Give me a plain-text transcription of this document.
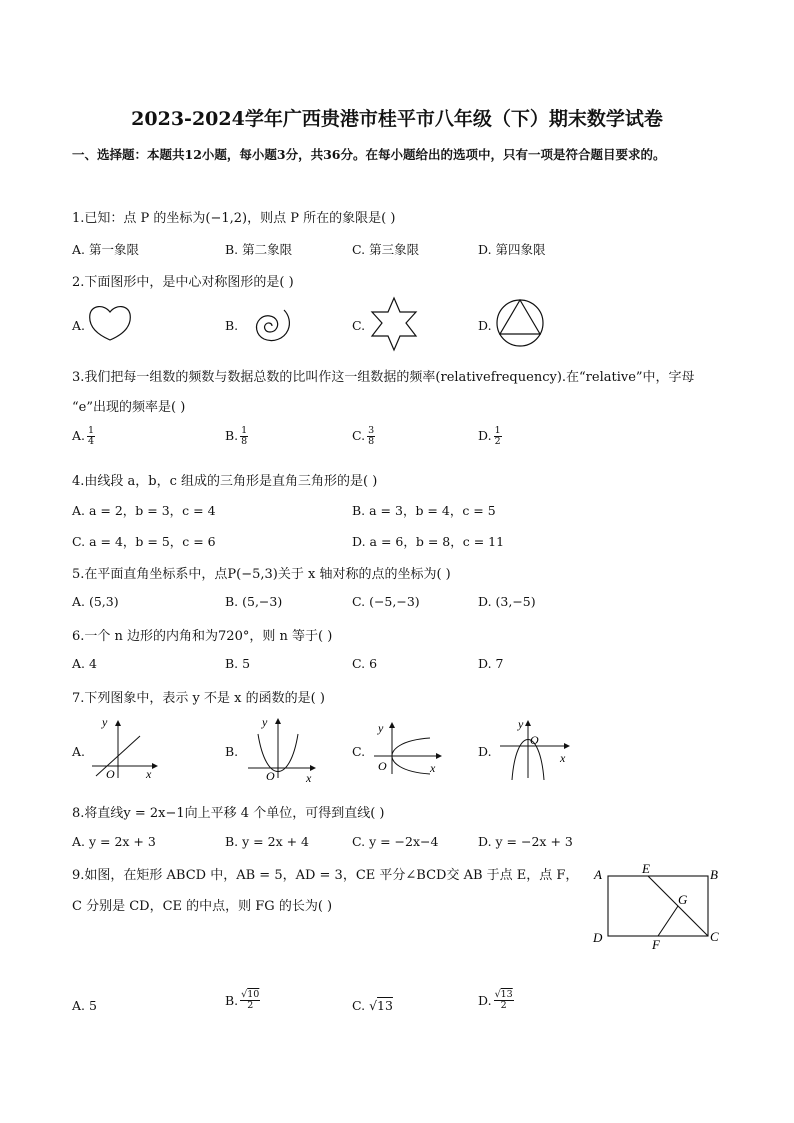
2023-2024学年广西贵港市桂平市八年级（下）期末数学试卷
一、选择题：本题共12小题，每小题3分，共36分。在每小题给出的选项中，只有一项是符合题目要求的。
1.已知：点 P 的坐标为(−1,2)，则点 P 所在的象限是( )
A. 第一象限	B. 第二象限	C. 第三象限	D. 第四象限
2.下面图形中，是中心对称图形的是( )
A.	B.	C.	D.
3.我们把每一组数的频数与数据总数的比叫作这一组数据的频率(relativefrequency).在“relative”中，字母
“e”出现的频率是( )
A. $\frac{1}{4}$	B. $\frac{1}{8}$	C. $\frac{3}{8}$	D. $\frac{1}{2}$
4.由线段 a，b，c 组成的三角形是直角三角形的是( )
A. a = 2，b = 3，c = 4	B. a = 3，b = 4，c = 5
C. a = 4，b = 5，c = 6	D. a = 6，b = 8，c = 11
5.在平面直角坐标系中，点P(−5,3)关于 x 轴对称的点的坐标为( )
A. (5,3)	B. (5,−3)	C. (−5,−3)	D. (3,−5)
6.一个 n 边形的内角和为720°，则 n 等于( )
A. 4	B. 5	C. 6	D. 7
7.下列图象中，表示 y 不是 x 的函数的是( )
A.	B.	C.	D.
y
O	x
y
O	x
y
O	x
y
O
x
8.将直线y = 2x−1向上平移 4 个单位，可得到直线( )
A. y = 2x + 3	B. y = 2x + 4	C. y = −2x−4	D. y = −2x + 3
9.如图，在矩形 ABCD 中，AB = 5，AD = 3，CE 平分∠BCD交 AB 于点 E，点 F，
C 分别是 CD，CE 的中点，则 FG 的长为( )
A	B
C
D
E
F
G
A. 5	B. $\frac{√10}{2}$	C. √13	D. $\frac{√13}{2}$
